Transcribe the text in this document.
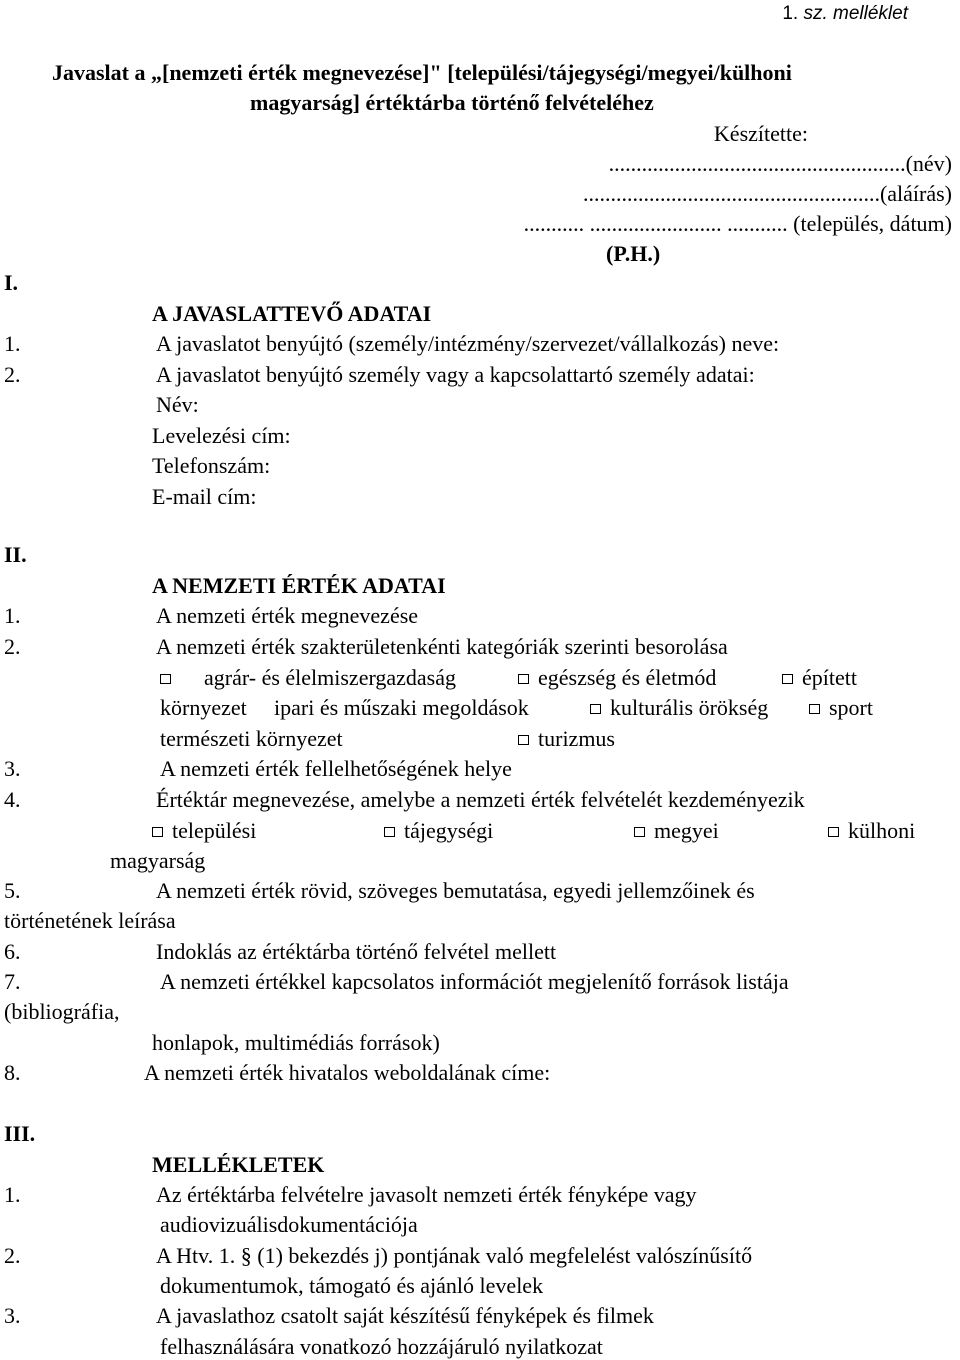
1. sz. melléklet
Javaslat a „[nemzeti érték megnevezése]" [települési/tájegységi/megyei/külhoni
magyarság] értéktárba történő felvételéhez
Készítette:
......................................................(név)
......................................................(aláírás)
........... ........................ ........... (település, dátum)
(P.H.)
I.
A JAVASLATTEVŐ ADATAI
1.	A javaslatot benyújtó (személy/intézmény/szervezet/vállalkozás) neve:
2.	A javaslatot benyújtó személy vagy a kapcsolattartó személy adatai:
Név:
Levelezési cím:
Telefonszám:
E-mail cím:
II.
A NEMZETI ÉRTÉK ADATAI
1.	A nemzeti érték megnevezése
2.	A nemzeti érték szakterületenkénti kategóriák szerinti besorolása
agrár- és élelmiszergazdaság	egészség és életmód	épített
környezet ipari és műszaki megoldások	kulturális örökség	sport
természeti környezet	turizmus
3.	A nemzeti érték fellelhetőségének helye
4.	Értéktár megnevezése, amelybe a nemzeti érték felvételét kezdeményezik
települési	tájegységi	megyei	külhoni
magyarság
5.	A nemzeti érték rövid, szöveges bemutatása, egyedi jellemzőinek és
történetének leírása
6.	Indoklás az értéktárba történő felvétel mellett
7.	A nemzeti értékkel kapcsolatos információt megjelenítő források listája
(bibliográfia,
honlapok, multimédiás források)
8.	A nemzeti érték hivatalos weboldalának címe:
III.
MELLÉKLETEK
1.	Az értéktárba felvételre javasolt nemzeti érték fényképe vagy
audiovizuálisdokumentációja
2.	A Htv. 1. § (1) bekezdés j) pontjának való megfelelést valószínűsítő
dokumentumok, támogató és ajánló levelek
3.	A javaslathoz csatolt saját készítésű fényképek és filmek
felhasználására vonatkozó hozzájáruló nyilatkozat
